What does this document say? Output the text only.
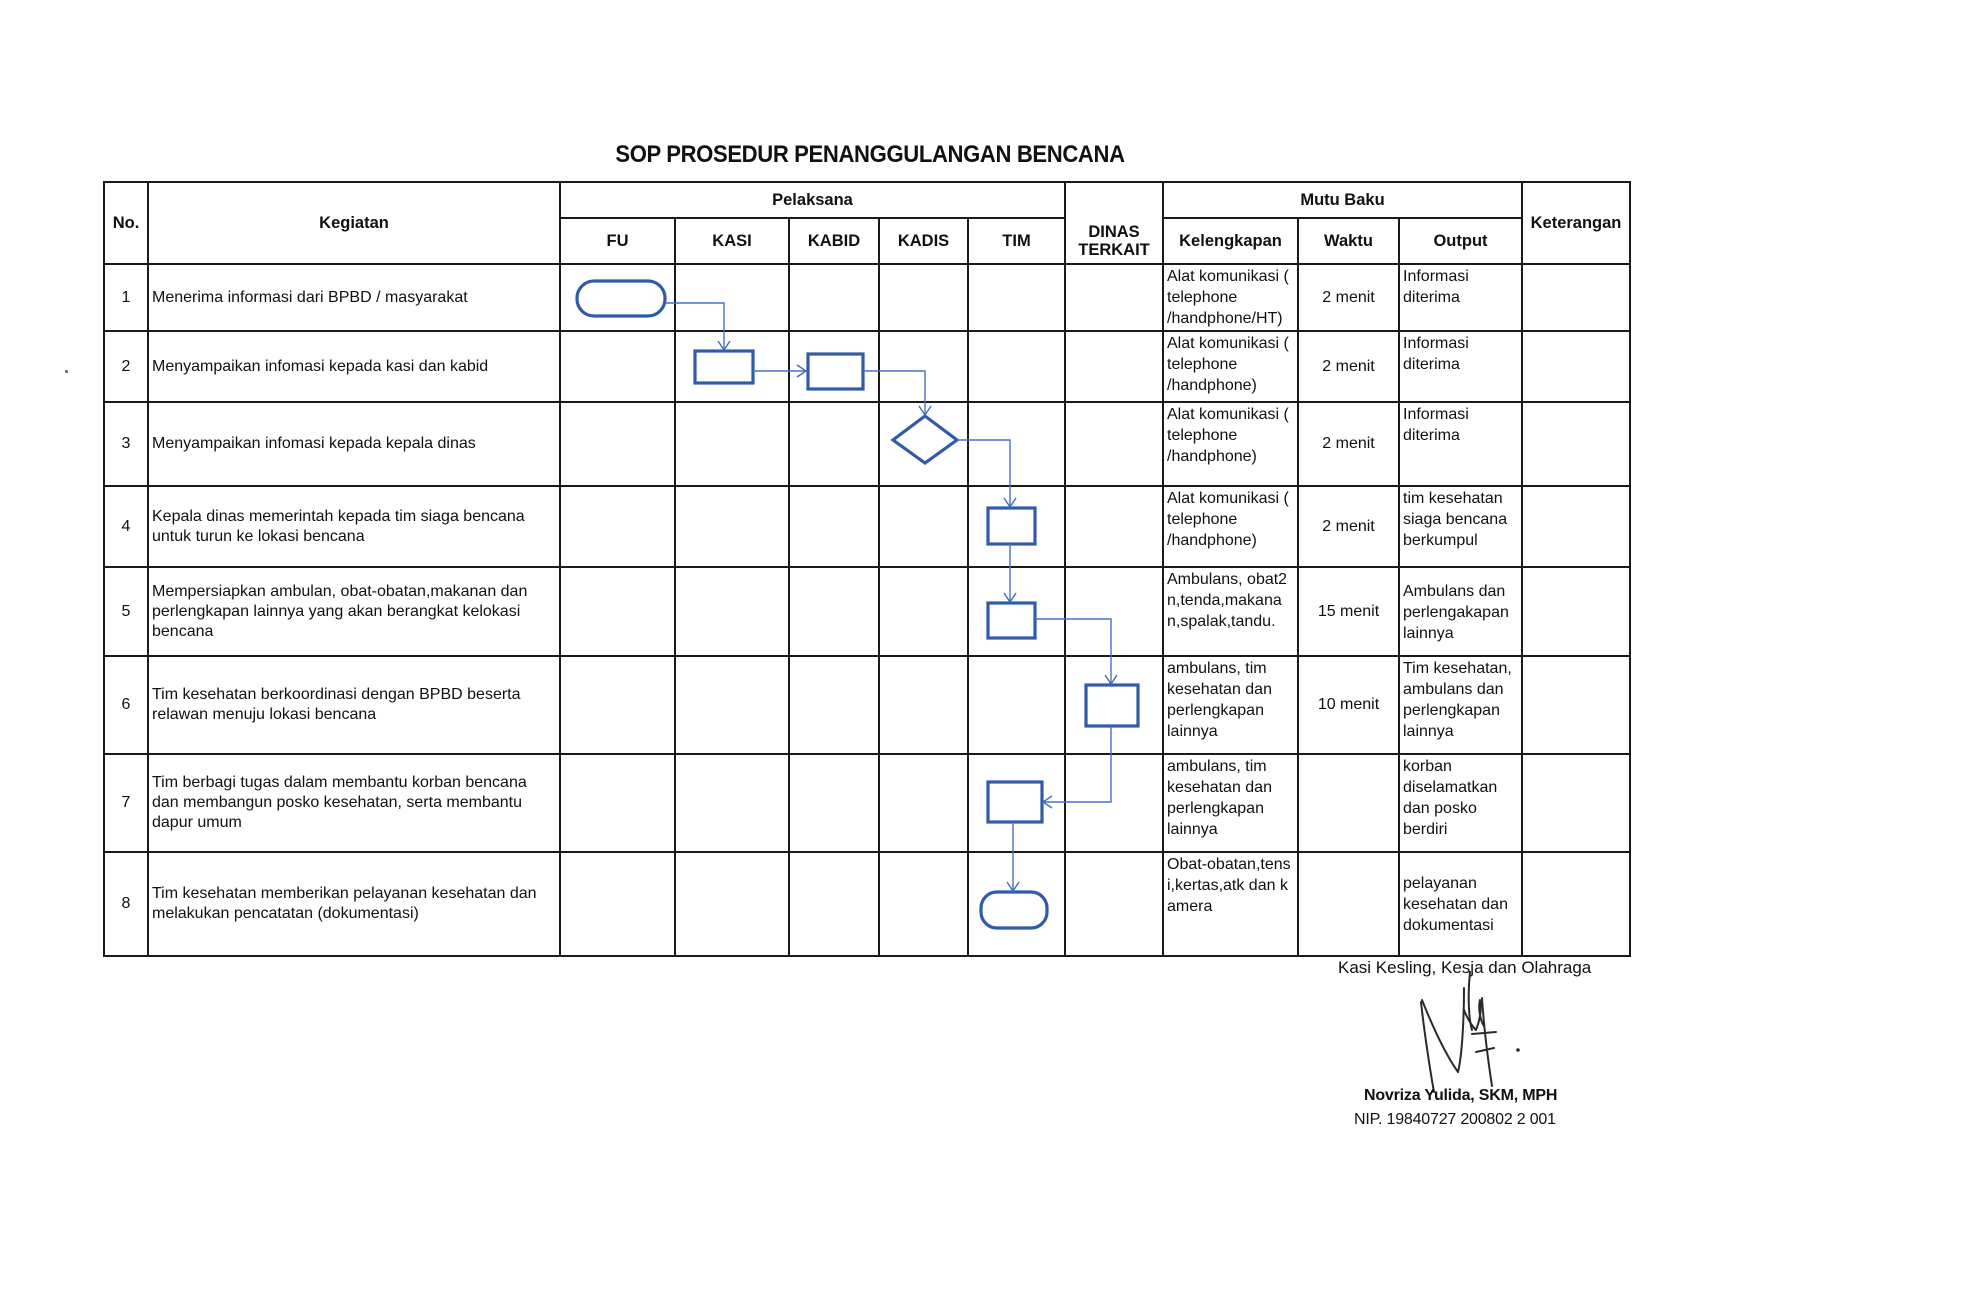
SOP PROSEDUR PENANGGULANGAN BENCANA
No.	Kegiatan	Pelaksana						Mutu Baku			Keterangan
		FU	KASI	KABID	KADIS	TIM	DINAS TERKAIT	Kelengkapan	Waktu	Output	
1	Menerima informasi dari BPBD / masyarakat							Alat komunikasi ( telephone /handphone/HT)	2 menit	Informasi diterima	
2	Menyampaikan infomasi kepada kasi dan kabid							Alat komunikasi ( telephone /handphone)	2 menit	Informasi diterima	
3	Menyampaikan infomasi kepada kepala dinas							Alat komunikasi ( telephone /handphone)	2 menit	Informasi diterima	
4	Kepala dinas memerintah kepada tim siaga bencana untuk turun ke lokasi bencana							Alat komunikasi ( telephone /handphone)	2 menit	tim kesehatan siaga bencana berkumpul	
5	Mempersiapkan ambulan, obat-obatan,makanan dan perlengkapan lainnya yang akan berangkat kelokasi bencana							Ambulans, obat2n,tenda,makanan,spalak,tandu.	15 menit	Ambulans dan perlengakapan lainnya	
6	Tim kesehatan berkoordinasi dengan BPBD beserta relawan menuju lokasi bencana							ambulans, tim kesehatan dan perlengkapan lainnya	10 menit	Tim kesehatan, ambulans dan perlengkapan lainnya	
7	Tim berbagi tugas dalam membantu korban bencana dan membangun posko kesehatan, serta membantu dapur umum							ambulans, tim kesehatan dan perlengkapan lainnya		korban diselamatkan dan posko berdiri	
8	Tim kesehatan memberikan pelayanan kesehatan dan melakukan pencatatan (dokumentasi)							Obat-obatan,tensi,kertas,atk dan kamera		pelayanan kesehatan dan dokumentasi	
Kasi Kesling, Kesja dan Olahraga
Novriza Yulida, SKM, MPH
NIP. 19840727 200802 2 001
